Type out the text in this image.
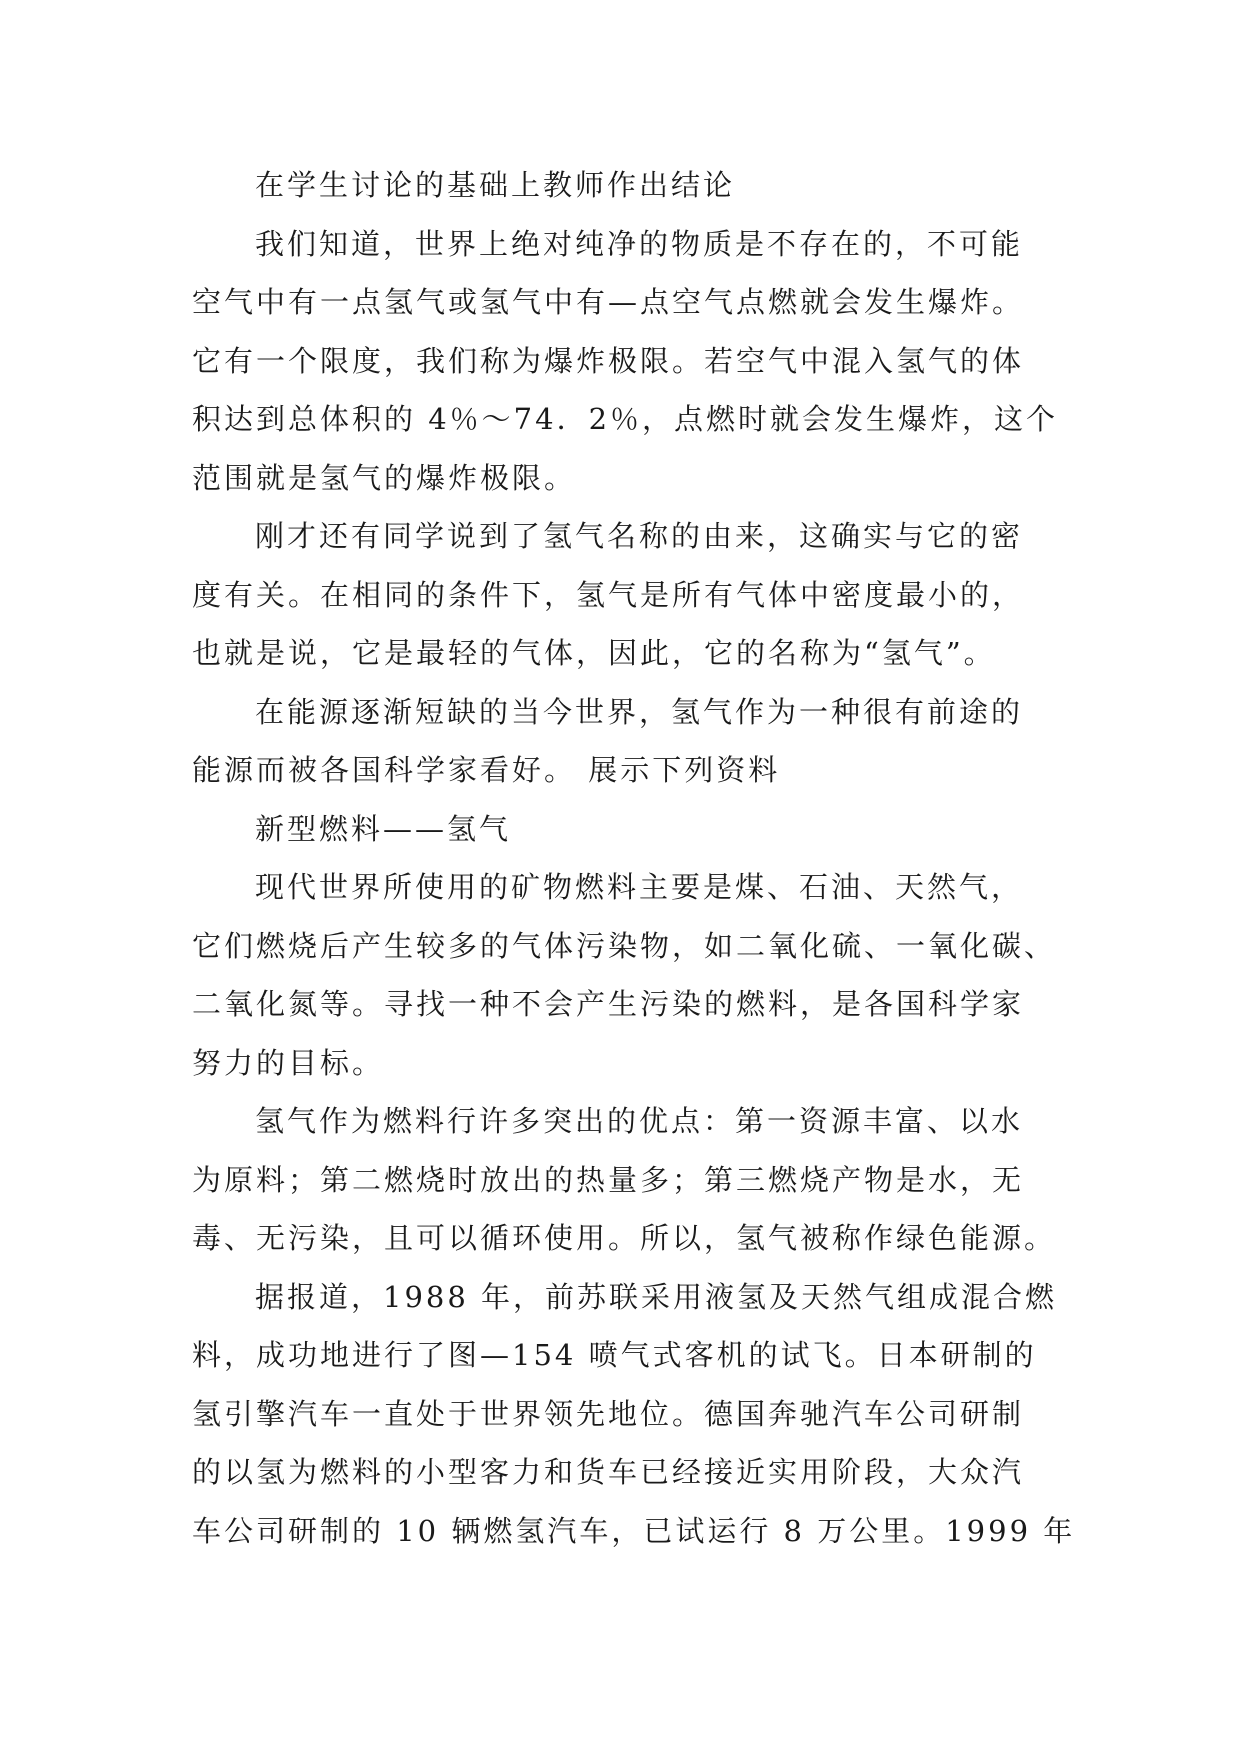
在学生讨论的基础上教师作出结论
我们知道，世界上绝对纯净的物质是不存在的，不可能
空气中有一点氢气或氢气中有—点空气点燃就会发生爆炸。
它有一个限度，我们称为爆炸极限。若空气中混入氢气的体
积达到总体积的 4％～74．2％，点燃时就会发生爆炸，这个
范围就是氢气的爆炸极限。
刚才还有同学说到了氢气名称的由来，这确实与它的密
度有关。在相同的条件下，氢气是所有气体中密度最小的，
也就是说，它是最轻的气体，因此，它的名称为“氢气”。
在能源逐渐短缺的当今世界，氢气作为一种很有前途的
能源而被各国科学家看好。 展示下列资料
新型燃料——氢气
现代世界所使用的矿物燃料主要是煤、石油、天然气，
它们燃烧后产生较多的气体污染物，如二氧化硫、一氧化碳、
二氧化氮等。寻找一种不会产生污染的燃料，是各国科学家
努力的目标。
氢气作为燃料行许多突出的优点：第一资源丰富、以水
为原料；第二燃烧时放出的热量多；第三燃烧产物是水，无
毒、无污染，且可以循环使用。所以，氢气被称作绿色能源。
据报道，1988 年，前苏联采用液氢及天然气组成混合燃
料，成功地进行了图—154 喷气式客机的试飞。日本研制的
氢引擎汽车一直处于世界领先地位。德国奔驰汽车公司研制
的以氢为燃料的小型客力和货车已经接近实用阶段，大众汽
车公司研制的 10 辆燃氢汽车，已试运行 8 万公里。1999 年
